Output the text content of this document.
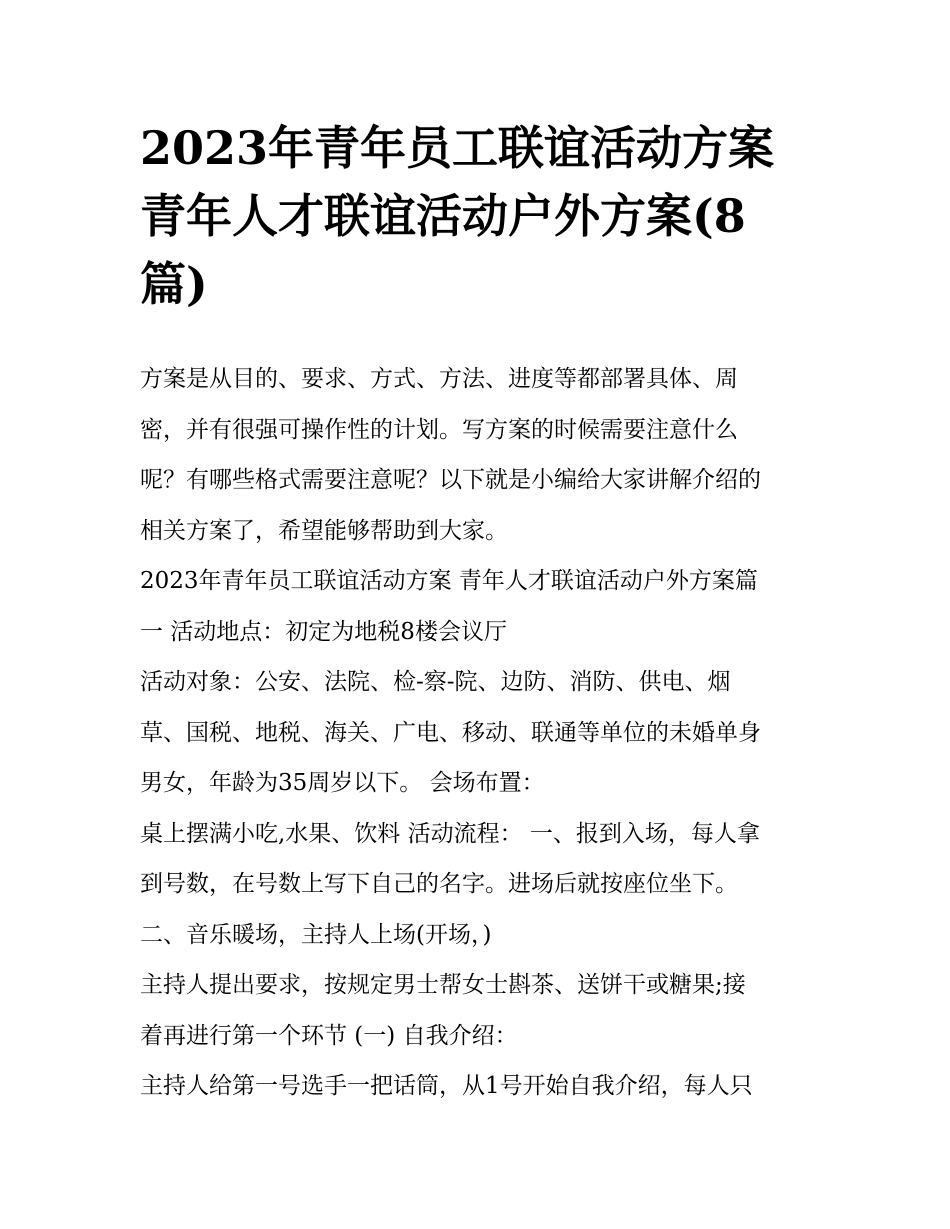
2023年青年员工联谊活动方案
青年人才联谊活动户外方案(8
篇)
方案是从目的、要求、方式、方法、进度等都部署具体、周
密，并有很强可操作性的计划。写方案的时候需要注意什么
呢？有哪些格式需要注意呢？以下就是小编给大家讲解介绍的
相关方案了，希望能够帮助到大家。
2023年青年员工联谊活动方案 青年人才联谊活动户外方案篇
一 活动地点：初定为地税8楼会议厅
活动对象：公安、法院、检-察-院、边防、消防、供电、烟
草、国税、地税、海关、广电、移动、联通等单位的未婚单身
男女，年龄为35周岁以下。 会场布置：
桌上摆满小吃,水果、饮料 活动流程： 一、报到入场，每人拿
到号数，在号数上写下自己的名字。进场后就按座位坐下。
二、音乐暖场，主持人上场(开场，)
主持人提出要求，按规定男士帮女士斟茶、送饼干或糖果;接
着再进行第一个环节 (一) 自我介绍：
主持人给第一号选手一把话筒，从1号开始自我介绍，每人只
